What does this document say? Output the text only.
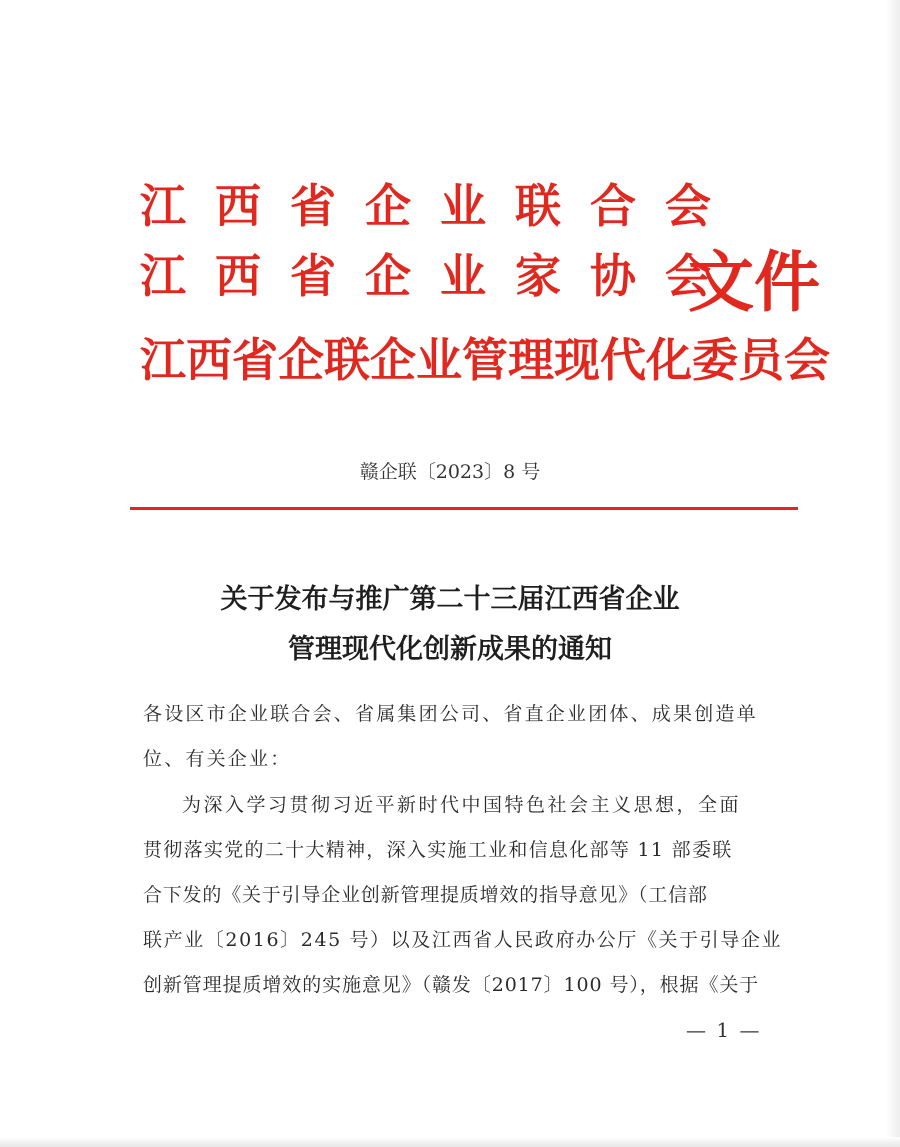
江西省企业联合会
江西省企业家协会
江西省企联企业管理现代化委员会
文件
赣企联〔2023〕8 号
关于发布与推广第二十三届江西省企业
管理现代化创新成果的通知
各设区市企业联合会、省属集团公司、省直企业团体、成果创造单
位、有关企业：
为深入学习贯彻习近平新时代中国特色社会主义思想，全面
贯彻落实党的二十大精神，深入实施工业和信息化部等 11 部委联
合下发的《关于引导企业创新管理提质增效的指导意见》（工信部
联产业〔2016〕245 号）以及江西省人民政府办公厅《关于引导企业
创新管理提质增效的实施意见》（赣发〔2017〕100 号），根据《关于
— 1 —
